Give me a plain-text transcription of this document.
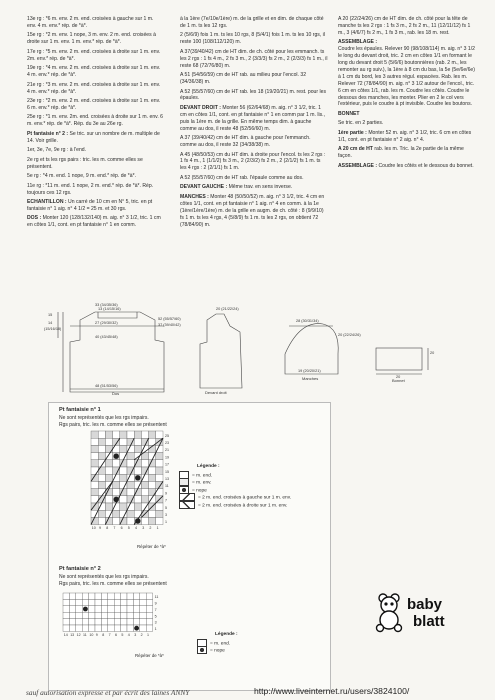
13e rg : *6 m. env. 2 m. end. croisées à gauche sur 1 m. env. 4 m. env.* rép. de *à*.

15e rg : *2 m. env. 1 nope, 3 m. env. 2 m. end. croisées à droite sur 1 m. env. 1 m. env.* rép. de *à*.

17e rg : *5 m. env. 2 m. end. croisées à droite sur 1 m. env. 2m. env.* rép. de *à*.

19e rg : *4 m. env. 2 m. end. croisées à droite sur 1 m. env. 4 m. env.* rép. de *à*.

21e rg : *3 m. env. 2 m. end. croisées à droite sur 1 m. env. 4 m. env.* rép. de *à*.

23e rg : *2 m. env. 2 m. end. croisées à droite sur 1 m. env. 6 m. env.* rép. de *à*.

25e rg : *1 m. env. 2m. end. croisées à droite sur 1 m. env. 6 m. env.* rép. de *à*. Rép. du 3e au 26e rg.

Pt fantaisie n° 2 : Se tric. sur un nombre de m. multiple de 14. Voir grille.

1er, 3e, 7e, 9e rg : à l'end.

2e rg et ts les rgs pairs : tric. les m. comme elles se présentent.

5e rg : *4 m. end. 1 nope, 9 m. end.* rép. de *à*.

11e rg : *11 m. end. 1 nope, 2 m. end.* rép. de *à*. Rép. toujours ces 12 rgs.

ECHANTILLON : Un carré de 10 cm en N° 5, tric. en pt fantaisie n° 1 aig. n° 4 1/2 = 25 m. et 30 rgs.

DOS : Monter 120 (128/132/140) m. aig. n° 3 1/2, tric. 1 cm en côtes 1/1, cont. en pt fantaisie n° 1 en comm.

à la 1ère (7e/10e/1ère) m. de la grille et en dim. de chaque côté de 1 m. ts les 12 rgs.

2 (5/6/9) fois 1 m. ts les 10 rgs, 8 (5/4/1) fois 1 m. ts les 10 rgs, il reste 100 (108/112/120) m.

A 37(39/40/42) cm de HT dim. de ch. côté pour les emmanch. ts les 2 rgs : 1 fs 4 m., 2 fs 3 m., 2 (3/3/3) fs 2 m., 2 (2/3/3) fs 1 m., il reste 68 (72/76/80) m.

A 51 (54/56/59) cm de HT rab. au milieu pour l'encol. 32 (34/36/38) m.

A 52 (55/57/60) cm de HT rab. les 18 (19/20/21) m. rest. pour les épaules.

DEVANT DROIT : Monter 56 (62/64/68) m. aig. n° 3 1/2, tric. 1 cm en côtes 1/1, cont. en pt fantaisie n° 1 en comm par 1 m. lis., puis la 1ère m. de la grille. En même temps dim. à gauche comme au dos, il reste 48 (52/56/60) m.

A 37 (39/40/42) cm de HT dim. à gauche pour l'emmanch. comme au dos, il reste 32 (34/38/38) m.

A 45 (48/50/53) cm du HT dim. à droite pour l'encol. ts les 2 rgs : 1 fs 4 m., 1 (1/1/2) fs 3 m., 2 (2/3/2) fs 2 m., 2 (2/1/2) fs 1 m. ts les 4 rgs : 2 (2/1/1) fs 1 m.

A 52 (55/57/60) cm de HT rab. l'épaule comme au dos.

DEVANT GAUCHE : Même trav. en sens inverse.

MANCHES : Monter 48 (50/50/52) m. aig. n° 3 1/2, tric. 4 cm en côtes 1/1, cont. en pt fantaisie n° 1 aig. n° 4 en comm. à la 1e (1ère/1ère/1ère) m. de la grille en augm. de ch. côté : 8 (9/9/10) fs 1 m. ts les 4 rgs, 4 (5/8/9) fs 1 m. ts les 2 rgs, on obtient 72 (78/84/90) m.

A 20 (22/24/26) cm de HT dim. de ch. côté pour la tête de manche ts les 2 rgs : 1 fs 3 m., 2 fs 2 m., 11 (12/11/12) fs 1 m., 3 (4/6/7) fs 2 m., 1 fs 3 m., rab. les 18 m. rest.

ASSEMBLAGE :
Coudre les épaules. Relever 90 (98/108/114) m. aig. n° 3 1/2 le long du devant droit, tric. 2 cm en côtes 1/1 en formant le long du devant droit 5 (5/6/6) boutonnières (rab. 2 m., les remonter au rg suiv.), la 1ère à 8 cm du bas, la 5e (5e/6e/6e) à 1 cm du bord, les 3 autres régul. espacées. Rab. les m. Relever 72 (78/84/90) m. aig. n° 3 1/2 autour de l'encol., tric. 6 cm en côtes 1/1, rab. les m. Coudre les côtés. Coudre le dessous des manches, les monter. Plier en 2 le col vers l'extérieur, puis le coudre à pt invisible. Coudre les boutons.

BONNET

Se tric. en 2 parties.

1ère partie : Monter 52 m. aig. n° 3 1/2, tric. 6 cm en côtes 1/1, cont. en pt fantaisie n° 2 aig. n° 4.

A 20 cm de HT rab. les m. Tric. la 2e partie de la même façon.

ASSEMBLAGE : Coudre les côtés et le dessous du bonnet.

33 (34/35/36)
13 (14/15/16)
27 (29/30/32)
40 (43/45/48)
48 (51/53/56)
15
14
(15/16/18)
52 (55/57/60)
37 (39/40/42)
20 (21/22/24)
28 (30/31/34)
20 (22/24/26)
19 (20/20/21)
20
20
Dos	Devant droit
Manches	Bonnet
Pt fantaisie n° 1
Ne sont représentés que les rgs impairs.
Rgs pairs, tric. les m. comme elles se présentent
25
23
21
19
17
15
13
11
9
7
5
3
1
10 9 8 7 6 5 4 3 2 1
Répéter de *à*
Légende :
= m. end.
= m. env.
= nope
= 2 m. end. croisées à gauche sur 1 m. env.
= 2 m. end. croisées à droite sur 1 m. env.
Pt fantaisie n° 2
Ne sont représentés que les rgs impairs.
Rgs pairs, tric. les m. comme elles se présentent
11
9
7
5
3
1
14 13 12 11 10 9 8 7 6 5 4 3 2 1
Répéter de *à*
Légende :
= m. end.
= nope
baby
blatt
sauf autorisation expresse et par écrit des laines ANNY	http://www.liveinternet.ru/users/3824100/
